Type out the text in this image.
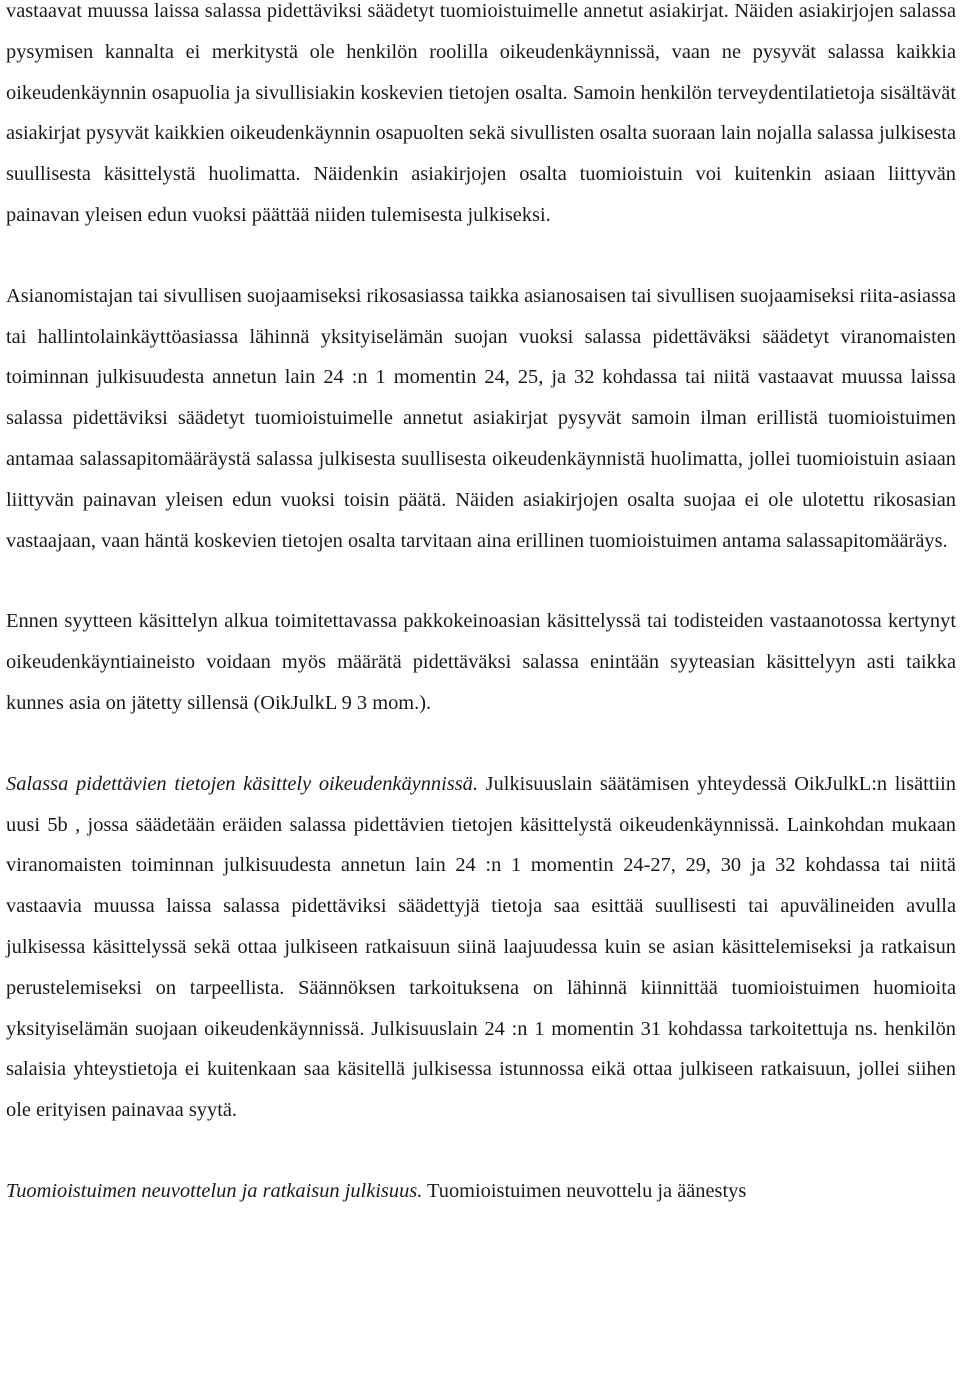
vastaavat muussa laissa salassa pidettäviksi säädetyt tuomioistuimelle annetut asiakirjat. Näiden asiakirjojen salassa pysymisen kannalta ei merkitystä ole henkilön roolilla oikeudenkäynnissä, vaan ne pysyvät salassa kaikkia oikeudenkäynnin osapuolia ja sivullisiakin koskevien tietojen osalta. Samoin henkilön terveydentilatietoja sisältävät asiakirjat pysyvät kaikkien oikeudenkäynnin osapuolten sekä sivullisten osalta suoraan lain nojalla salassa julkisesta suullisesta käsittelystä huolimatta. Näidenkin asiakirjojen osalta tuomioistuin voi kuitenkin asiaan liittyvän painavan yleisen edun vuoksi päättää niiden tulemisesta julkiseksi.

Asianomistajan tai sivullisen suojaamiseksi rikosasiassa taikka asianosaisen tai sivullisen suojaamiseksi riita-asiassa tai hallintolainkäyttöasiassa lähinnä yksityiselämän suojan vuoksi salassa pidettäväksi säädetyt viranomaisten toiminnan julkisuudesta annetun lain 24 :n 1 momentin 24, 25, ja 32 kohdassa tai niitä vastaavat muussa laissa salassa pidettäviksi säädetyt tuomioistuimelle annetut asiakirjat pysyvät samoin ilman erillistä tuomioistuimen antamaa salassapitomääräystä salassa julkisesta suullisesta oikeudenkäynnistä huolimatta, jollei tuomioistuin asiaan liittyvän painavan yleisen edun vuoksi toisin päätä. Näiden asiakirjojen osalta suojaa ei ole ulotettu rikosasian vastaajaan, vaan häntä koskevien tietojen osalta tarvitaan aina erillinen tuomioistuimen antama salassapitomääräys.

Ennen syytteen käsittelyn alkua toimitettavassa pakkokeinoasian käsittelyssä tai todisteiden vastaanotossa kertynyt oikeudenkäyntiaineisto voidaan myös määrätä pidettäväksi salassa enintään syyteasian käsittelyyn asti taikka kunnes asia on jätetty sillensä (OikJulkL 9 3 mom.).

Salassa pidettävien tietojen käsittely oikeudenkäynnissä. Julkisuuslain säätämisen yhteydessä OikJulkL:n lisättiin uusi 5b , jossa säädetään eräiden salassa pidettävien tietojen käsittelystä oikeudenkäynnissä. Lainkohdan mukaan viranomaisten toiminnan julkisuudesta annetun lain 24 :n 1 momentin 24-27, 29, 30 ja 32 kohdassa tai niitä vastaavia muussa laissa salassa pidettäviksi säädettyjä tietoja saa esittää suullisesti tai apuvälineiden avulla julkisessa käsittelyssä sekä ottaa julkiseen ratkaisuun siinä laajuudessa kuin se asian käsittelemiseksi ja ratkaisun perustelemiseksi on tarpeellista. Säännöksen tarkoituksena on lähinnä kiinnittää tuomioistuimen huomioita yksityiselämän suojaan oikeudenkäynnissä. Julkisuuslain 24 :n 1 momentin 31 kohdassa tarkoitettuja ns. henkilön salaisia yhteystietoja ei kuitenkaan saa käsitellä julkisessa istunnossa eikä ottaa julkiseen ratkaisuun, jollei siihen ole erityisen painavaa syytä.

Tuomioistuimen neuvottelun ja ratkaisun julkisuus. Tuomioistuimen neuvottelu ja äänestys
